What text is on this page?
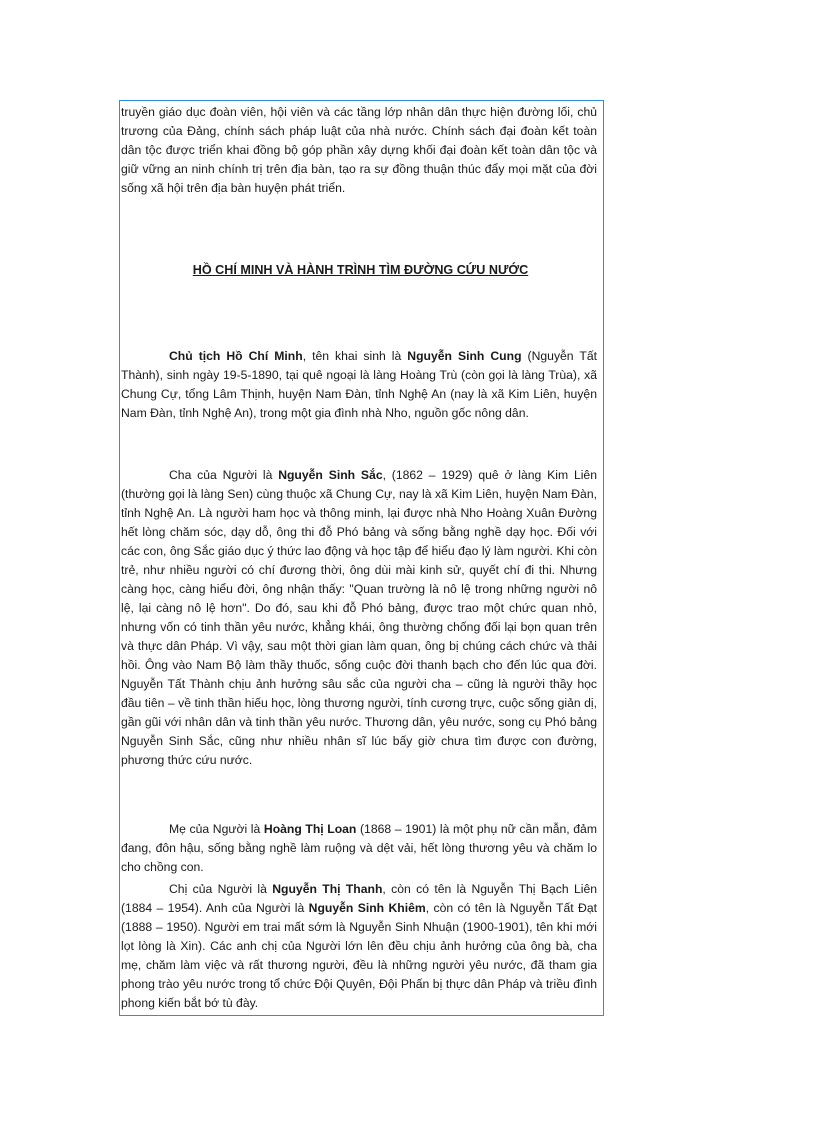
truyền giáo dục đoàn viên, hội viên và các tầng lớp nhân dân thực hiện đường lối, chủ trương của Đảng, chính sách pháp luật của nhà nước. Chính sách đại đoàn kết toàn dân tộc được triển khai đồng bộ góp phần xây dựng khối đại đoàn kết toàn dân tộc và giữ vững an ninh chính trị trên địa bàn, tạo ra sự đồng thuận thúc đẩy mọi mặt của đời sống xã hội trên địa bàn huyện phát triển.

HỒ CHÍ MINH VÀ HÀNH TRÌNH TÌM ĐƯỜNG CỨU NƯỚC

Chủ tịch Hồ Chí Minh, tên khai sinh là Nguyễn Sinh Cung (Nguyễn Tất Thành), sinh ngày 19-5-1890, tại quê ngoại là làng Hoàng Trù (còn gọi là làng Trùa), xã Chung Cự, tổng Lâm Thịnh, huyện Nam Đàn, tỉnh Nghệ An (nay là xã Kim Liên, huyện Nam Đàn, tỉnh Nghệ An), trong một gia đình nhà Nho, nguồn gốc nông dân.

Cha của Người là Nguyễn Sinh Sắc, (1862 – 1929) quê ở làng Kim Liên (thường gọi là làng Sen) cùng thuộc xã Chung Cự, nay là xã Kim Liên, huyện Nam Đàn, tỉnh Nghệ An. Là người ham học và thông minh, lại được nhà Nho Hoàng Xuân Đường hết lòng chăm sóc, dạy dỗ, ông thi đỗ Phó bảng và sống bằng nghề dạy học. Đối với các con, ông Sắc giáo dục ý thức lao động và học tập để hiểu đạo lý làm người. Khi còn trẻ, như nhiều người có chí đương thời, ông dùi mài kinh sử, quyết chí đi thi. Nhưng càng học, càng hiểu đời, ông nhận thấy: "Quan trường là nô lệ trong những người nô lệ, lại càng nô lệ hơn". Do đó, sau khi đỗ Phó bảng, được trao một chức quan nhỏ, nhưng vốn có tinh thần yêu nước, khẳng khái, ông thường chống đối lại bọn quan trên và thực dân Pháp. Vì vậy, sau một thời gian làm quan, ông bị chúng cách chức và thải hồi. Ông vào Nam Bộ làm thầy thuốc, sống cuộc đời thanh bạch cho đến lúc qua đời. Nguyễn Tất Thành chịu ảnh hưởng sâu sắc của người cha – cũng là người thầy học đầu tiên – về tinh thần hiếu học, lòng thương người, tính cương trực, cuộc sống giản dị, gần gũi với nhân dân và tinh thần yêu nước. Thương dân, yêu nước, song cụ Phó bảng Nguyễn Sinh Sắc, cũng như nhiều nhân sĩ lúc bấy giờ chưa tìm được con đường, phương thức cứu nước.

Mẹ của Người là Hoàng Thị Loan (1868 – 1901) là một phụ nữ cần mẫn, đảm đang, đôn hậu, sống bằng nghề làm ruộng và dệt vải, hết lòng thương yêu và chăm lo cho chồng con.

Chị của Người là Nguyễn Thị Thanh, còn có tên là Nguyễn Thị Bạch Liên (1884 – 1954). Anh của Người là Nguyễn Sinh Khiêm, còn có tên là Nguyễn Tất Đạt (1888 – 1950). Người em trai mất sớm là Nguyễn Sinh Nhuận (1900-1901), tên khi mới lọt lòng là Xin). Các anh chị của Người lớn lên đều chịu ảnh hưởng của ông bà, cha mẹ, chăm làm việc và rất thương người, đều là những người yêu nước, đã tham gia phong trào yêu nước trong tổ chức Đội Quyên, Đội Phấn bị thực dân Pháp và triều đình phong kiến bắt bớ tù đày.
